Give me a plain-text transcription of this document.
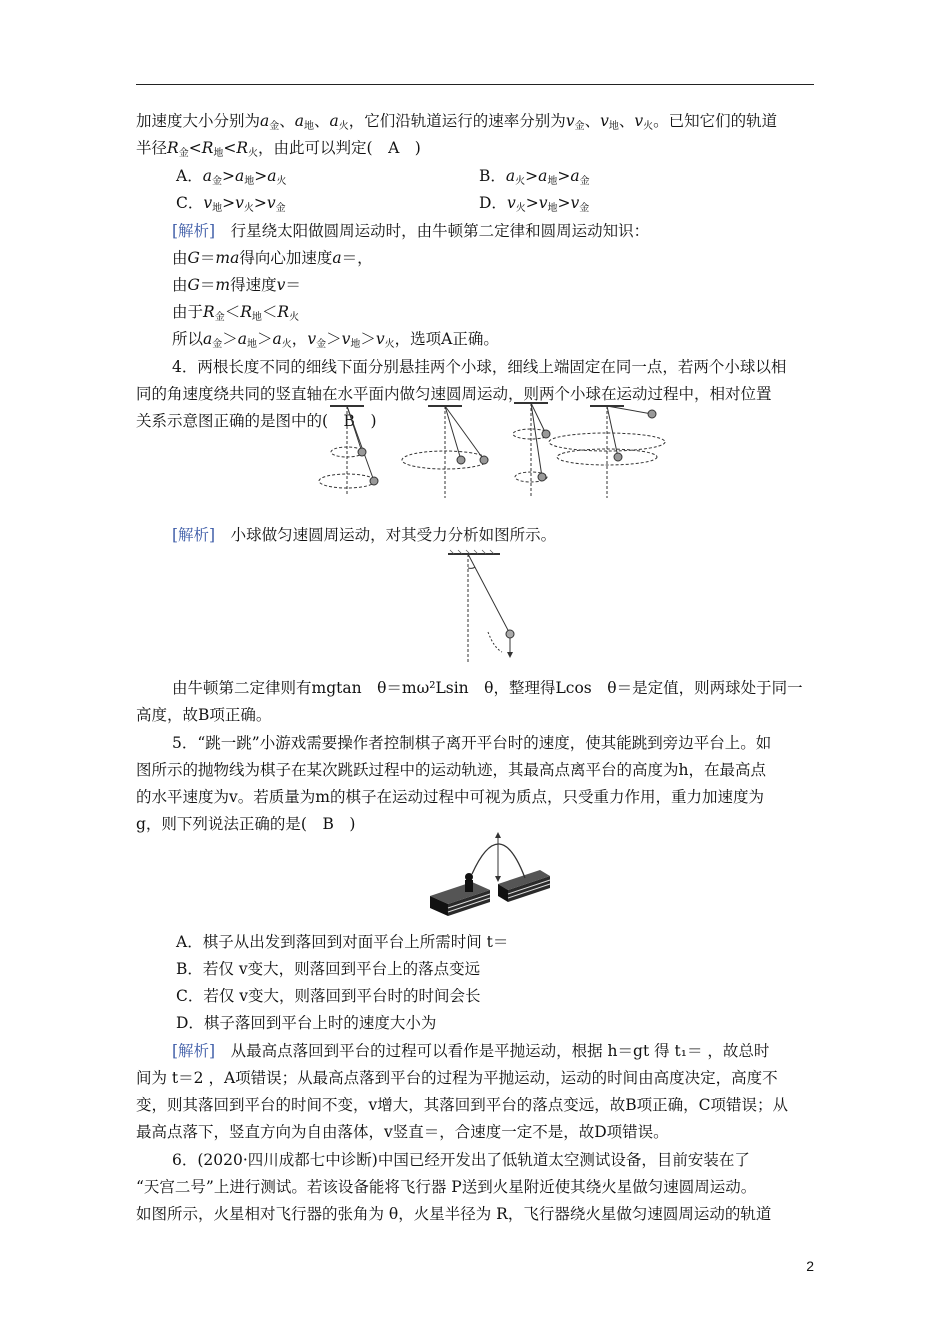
加速度大小分别为$a_金$、$a_地$、$a_火$，它们沿轨道运行的速率分别为$v_金$、$v_地$、$v_火$。已知它们的轨道
半径$R_金<R_地<R_火$，由此可以判定(　A　)
A．$a_金>a_地>a_火$	B．$a_火>a_地>a_金$
C．$v_地>v_火>v_金$	D．$v_火>v_地>v_金$
[解析]　行星绕太阳做圆周运动时，由牛顿第二定律和圆周运动知识：
由G＝ma得向心加速度a＝，
由G＝m得速度v＝
由于$R_金<R_地<R_火$
所以$a_金>a_地>a_火$，$v_金>v_地>v_火$，选项A正确。
4．两根长度不同的细线下面分别悬挂两个小球，细线上端固定在同一点，若两个小球以相
同的角速度绕共同的竖直轴在水平面内做匀速圆周运动，则两个小球在运动过程中，相对位置
关系示意图正确的是图中的(　B　)
[解析]　小球做匀速圆周运动，对其受力分析如图所示。
由牛顿第二定律则有mgtan　θ＝mω²Lsin　θ，整理得Lcos　θ＝是定值，则两球处于同一
高度，故B项正确。
5．“跳一跳”小游戏需要操作者控制棋子离开平台时的速度，使其能跳到旁边平台上。如
图所示的抛物线为棋子在某次跳跃过程中的运动轨迹，其最高点离平台的高度为h，在最高点
的水平速度为v。若质量为m的棋子在运动过程中可视为质点，只受重力作用，重力加速度为
g，则下列说法正确的是(　B　)
A．棋子从出发到落回到对面平台上所需时间 t＝
B．若仅 v变大，则落回到平台上的落点变远
C．若仅 v变大，则落回到平台时的时间会长
D．棋子落回到平台上时的速度大小为
[解析]　从最高点落回到平台的过程可以看作是平抛运动，根据 h＝gt 得 t₁＝ ，故总时
间为 t＝2 ，A项错误；从最高点落到平台的过程为平抛运动，运动的时间由高度决定，高度不
变，则其落回到平台的时间不变，v增大，其落回到平台的落点变远，故B项正确，C项错误；从
最高点落下，竖直方向为自由落体，v竖直＝，合速度一定不是，故D项错误。
6．(2020·四川成都七中诊断)中国已经开发出了低轨道太空测试设备，目前安装在了
“天宫二号”上进行测试。若该设备能将飞行器 P送到火星附近使其绕火星做匀速圆周运动。
如图所示，火星相对飞行器的张角为 θ，火星半径为 R，飞行器绕火星做匀速圆周运动的轨道
2
